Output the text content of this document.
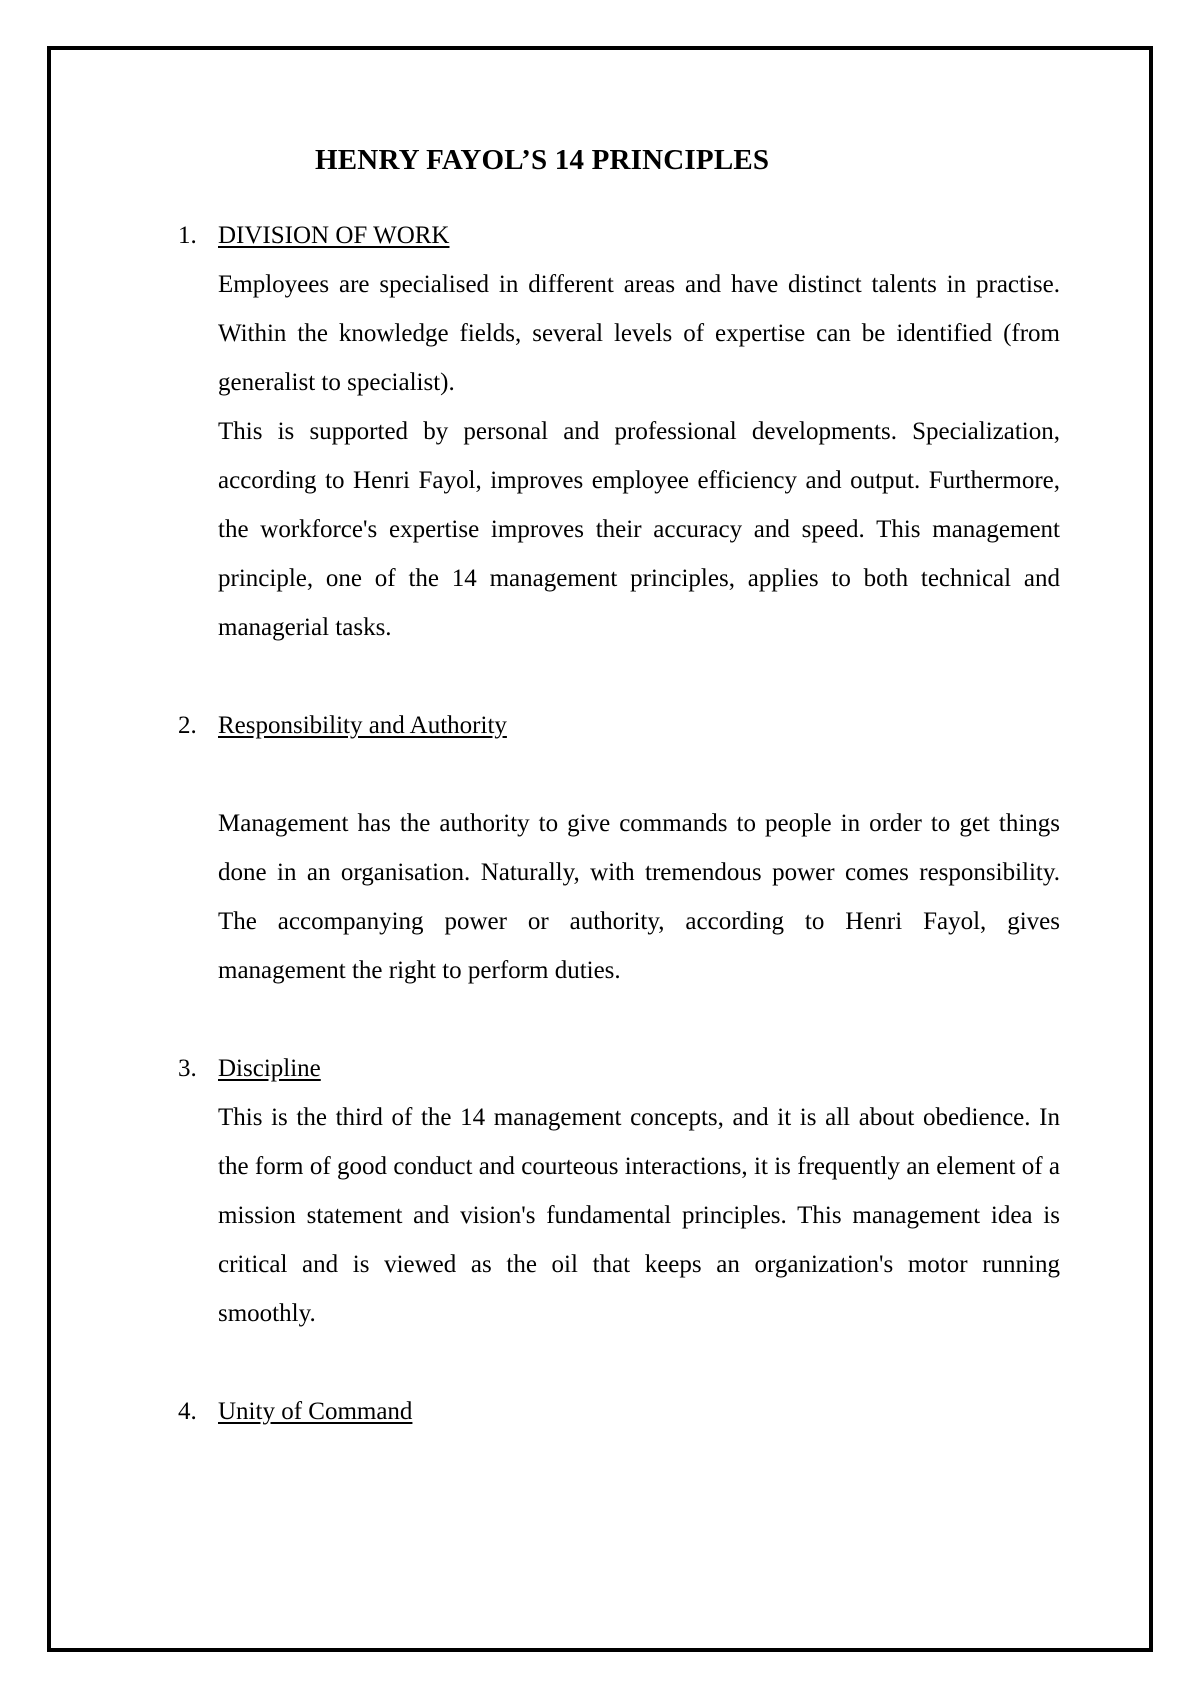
HENRY FAYOL’S 14 PRINCIPLES
1. DIVISION OF WORK

Employees are specialised in different areas and have distinct talents in practise. Within the knowledge fields, several levels of expertise can be identified (from generalist to specialist).

This is supported by personal and professional developments. Specialization, according to Henri Fayol, improves employee efficiency and output. Furthermore, the workforce's expertise improves their accuracy and speed. This management principle, one of the 14 management principles, applies to both technical and managerial tasks.

2. Responsibility and Authority

Management has the authority to give commands to people in order to get things done in an organisation. Naturally, with tremendous power comes responsibility. The accompanying power or authority, according to Henri Fayol, gives management the right to perform duties.

3. Discipline

This is the third of the 14 management concepts, and it is all about obedience. In the form of good conduct and courteous interactions, it is frequently an element of a mission statement and vision's fundamental principles. This management idea is critical and is viewed as the oil that keeps an organization's motor running smoothly.

4. Unity of Command
